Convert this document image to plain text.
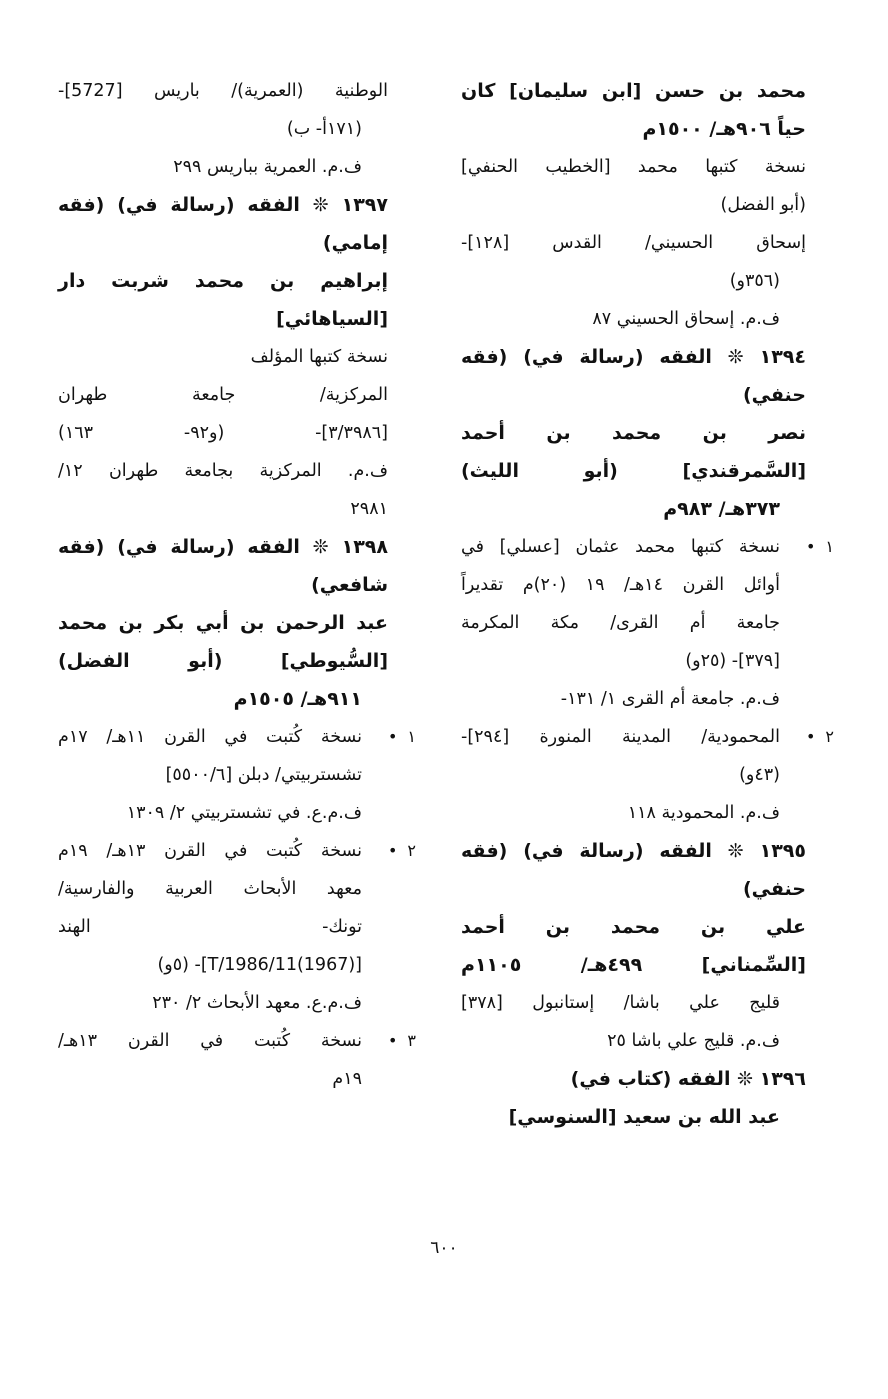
محمد بن حسن [ابن سليمان] كان
حياً ٩٠٦هـ/ ١٥٠٠م
نسخة كتبها محمد [الخطيب الحنفي]
(أبو الفضل)
إسحاق الحسيني/ القدس [١٢٨]-
(٣٥٦و)
ف.م. إسحاق الحسيني ٨٧
١٣٩٤ ❊ الفقه (رسالة في) (فقه
حنفي)
نصر بن محمد بن أحمد
[السَّمرقندي] (أبو الليث)
٣٧٣هـ/ ٩٨٣م
١ •
نسخة كتبها محمد عثمان [عسلي] في
أوائل القرن ١٤هـ/ ١٩ (٢٠)م تقديراً
جامعة أم القرى/ مكة المكرمة
[٣٧٩]- (٢٥و)
ف.م. جامعة أم القرى ١/ ١٣١-
٢ •
المحمودية/ المدينة المنورة [٢٩٤]-
(٤٣و)
ف.م. المحمودية ١١٨
١٣٩٥ ❊ الفقه (رسالة في) (فقه
حنفي)
علي بن محمد بن أحمد
[السِّمناني] ٤٩٩هـ/ ١١٠٥م
قليج علي باشا/ إستانبول [٣٧٨]
ف.م. قليج علي باشا ٢٥
١٣٩٦ ❊ الفقه (كتاب في)
عبد الله بن سعيد [السنوسي]
الوطنية (العمرية)/ باريس [5727]-
(١٧١أ- ب)
ف.م. العمرية بباريس ٢٩٩
١٣٩٧ ❊ الفقه (رسالة في) (فقه
إمامي)
إبراهيم بن محمد شربت دار
[السياهائي]
نسخة كتبها المؤلف
المركزية/ جامعة طهران
[٣/٣٩٨٦]- (و٩٢- ١٦٣)
ف.م. المركزية بجامعة طهران ١٢/
٢٩٨١
١٣٩٨ ❊ الفقه (رسالة في) (فقه
شافعي)
عبد الرحمن بن أبي بكر بن محمد
[السُّيوطي] (أبو الفضل)
٩١١هـ/ ١٥٠٥م
١ •
نسخة كُتبت في القرن ١١هـ/ ١٧م
تشستربيتي/ دبلن [٥٥٠٠/٦]
ف.م.ع. في تشستربيتي ٢/ ١٣٠٩
٢ •
نسخة كُتبت في القرن ١٣هـ/ ١٩م
معهد الأبحاث العربية والفارسية/
تونك- الهند
[(1967)T/1986/11]- (٥و)
ف.م.ع. معهد الأبحاث ٢/ ٢٣٠
٣ •
نسخة كُتبت في القرن ١٣هـ/
١٩م
٦٠٠
